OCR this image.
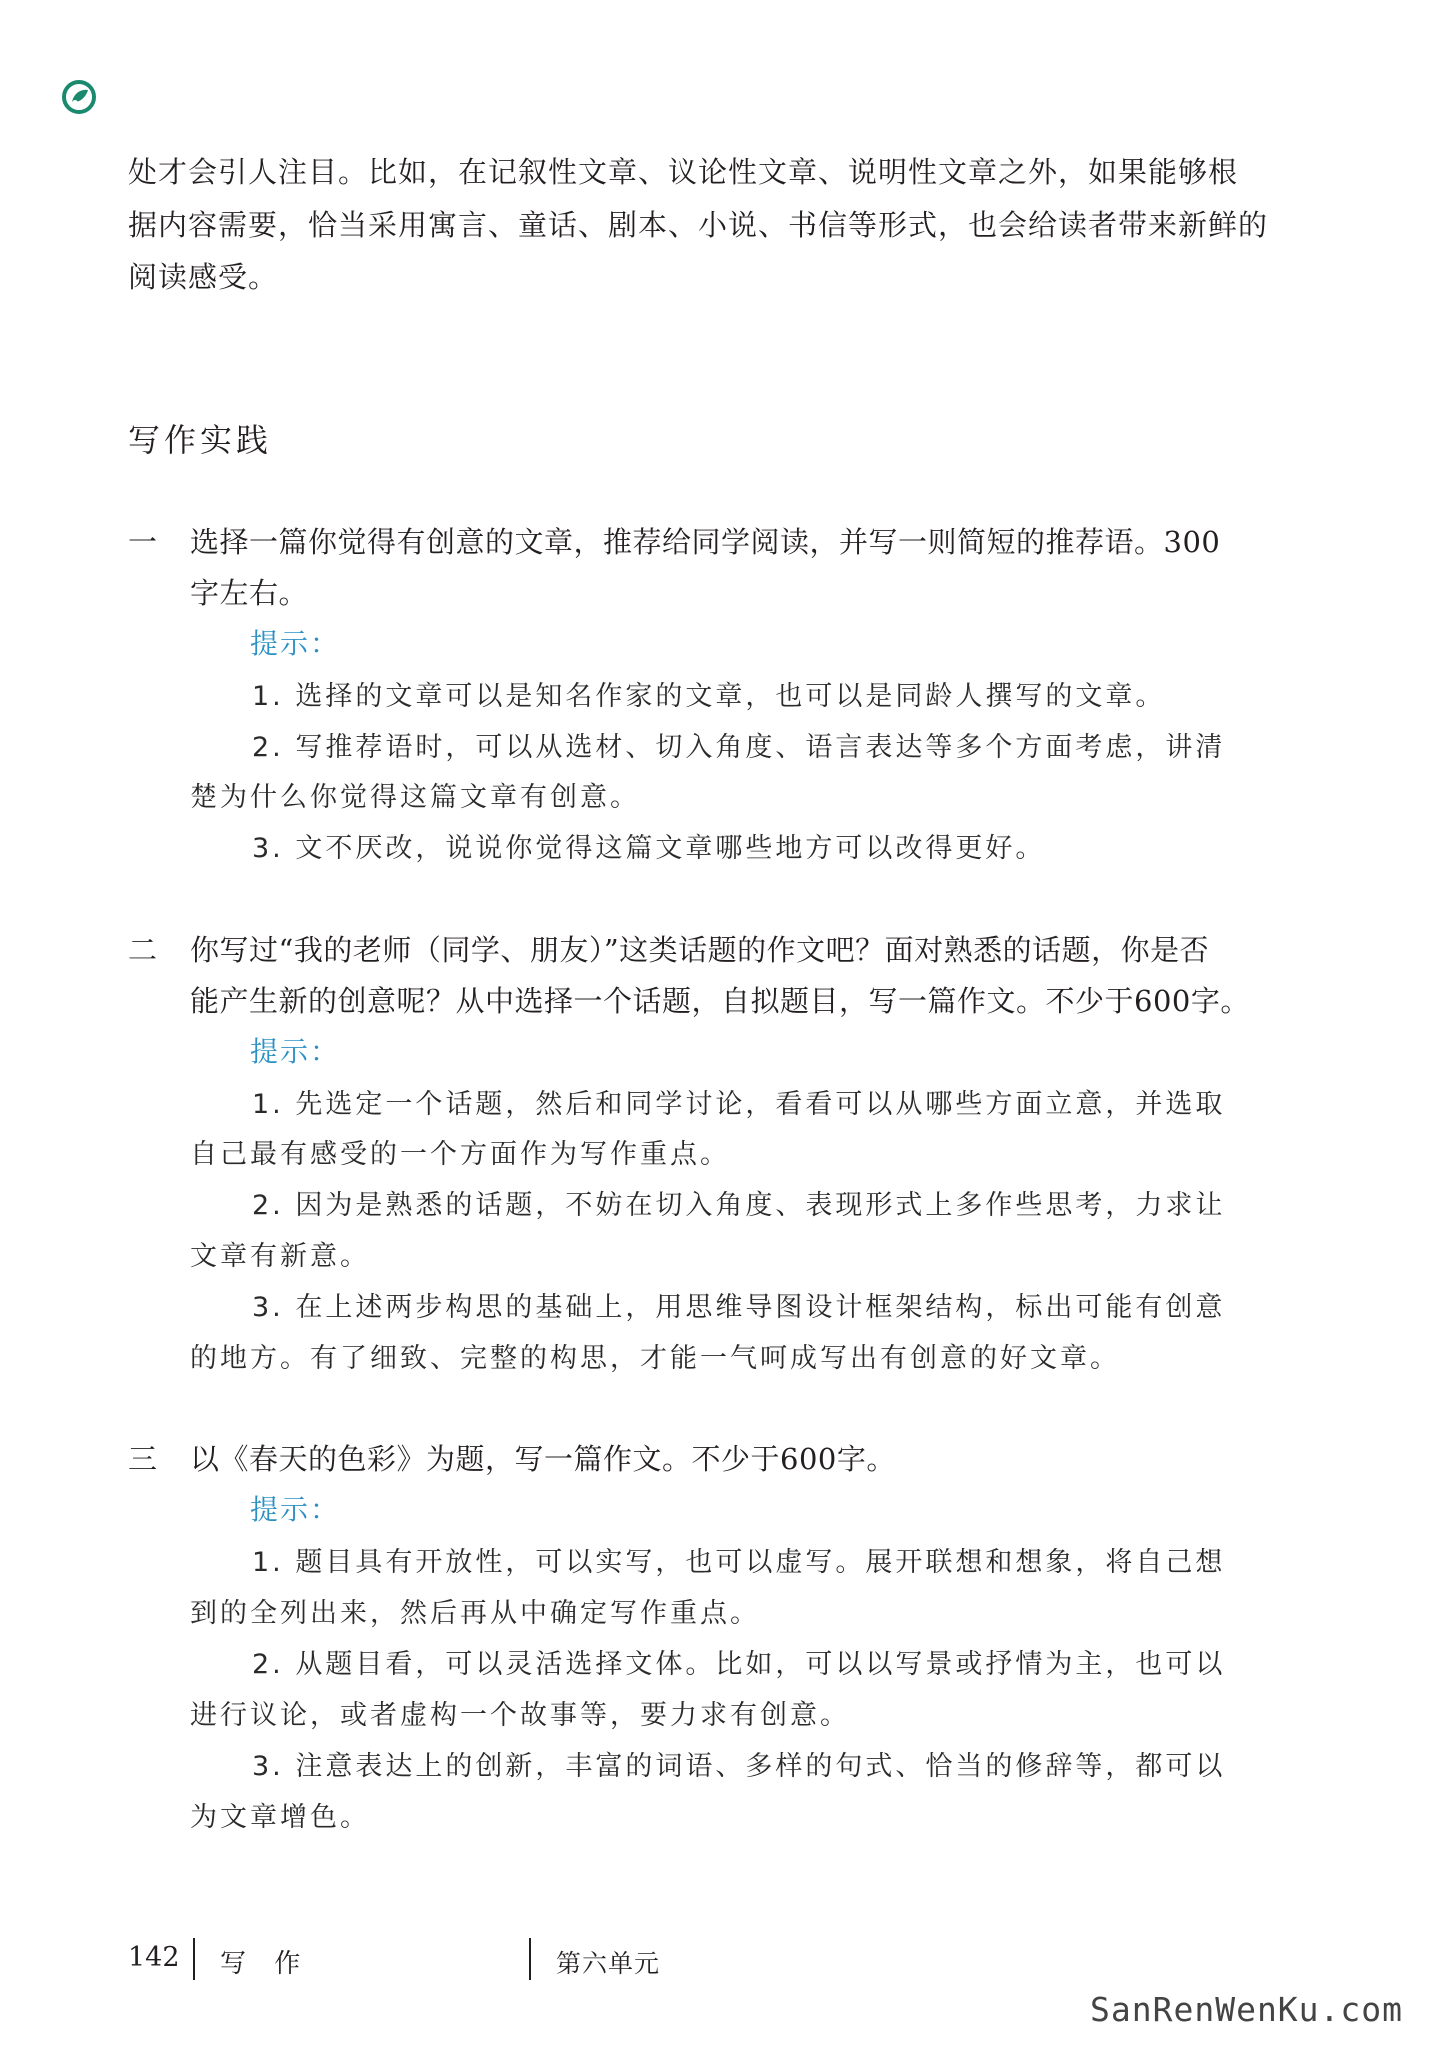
处才会引人注目。比如，在记叙性文章、议论性文章、说明性文章之外，如果能够根
据内容需要，恰当采用寓言、童话、剧本、小说、书信等形式，也会给读者带来新鲜的
阅读感受。
写作实践
一 选择一篇你觉得有创意的文章，推荐给同学阅读，并写一则简短的推荐语。300
字左右。
提示：
1. 选择的文章可以是知名作家的文章，也可以是同龄人撰写的文章。
2. 写推荐语时，可以从选材、切入角度、语言表达等多个方面考虑，讲清
楚为什么你觉得这篇文章有创意。
3. 文不厌改，说说你觉得这篇文章哪些地方可以改得更好。
二 你写过“我的老师（同学、朋友）”这类话题的作文吧？面对熟悉的话题，你是否
能产生新的创意呢？从中选择一个话题，自拟题目，写一篇作文。不少于600字。
提示：
1. 先选定一个话题，然后和同学讨论，看看可以从哪些方面立意，并选取
自己最有感受的一个方面作为写作重点。
2. 因为是熟悉的话题，不妨在切入角度、表现形式上多作些思考，力求让
文章有新意。
3. 在上述两步构思的基础上，用思维导图设计框架结构，标出可能有创意
的地方。有了细致、完整的构思，才能一气呵成写出有创意的好文章。
三 以《春天的色彩》为题，写一篇作文。不少于600字。
提示：
1. 题目具有开放性，可以实写，也可以虚写。展开联想和想象，将自己想
到的全列出来，然后再从中确定写作重点。
2. 从题目看，可以灵活选择文体。比如，可以以写景或抒情为主，也可以
进行议论，或者虚构一个故事等，要力求有创意。
3. 注意表达上的创新，丰富的词语、多样的句式、恰当的修辞等，都可以
为文章增色。
142 写 作	第六单元
SanRenWenKu.com
